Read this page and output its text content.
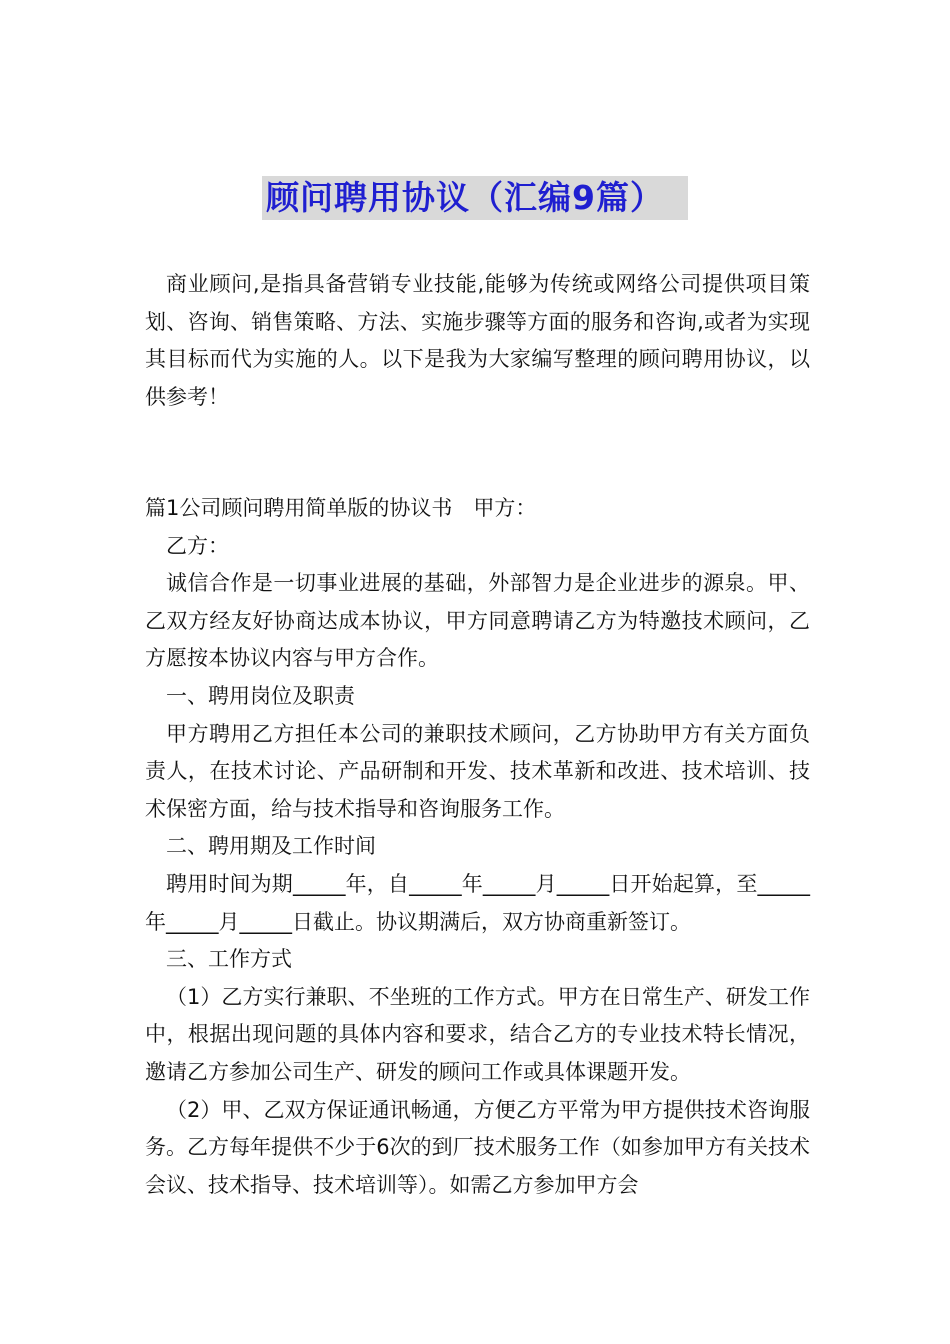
顾问聘用协议（汇编9篇）
商业顾问,是指具备营销专业技能,能够为传统或网络公司提供项目策划、咨询、销售策略、方法、实施步骤等方面的服务和咨询,或者为实现其目标而代为实施的人。以下是我为大家编写整理的顾问聘用协议，以供参考！

篇1公司顾问聘用简单版的协议书　甲方：

乙方：

诚信合作是一切事业进展的基础，外部智力是企业进步的源泉。甲、乙双方经友好协商达成本协议，甲方同意聘请乙方为特邀技术顾问，乙方愿按本协议内容与甲方合作。

一、聘用岗位及职责

甲方聘用乙方担任本公司的兼职技术顾问，乙方协助甲方有关方面负责人，在技术讨论、产品研制和开发、技术革新和改进、技术培训、技术保密方面，给与技术指导和咨询服务工作。

二、聘用期及工作时间

聘用时间为期_____年，自_____年_____月_____日开始起算，至_____年_____月_____日截止。协议期满后，双方协商重新签订。

三、工作方式

（1）乙方实行兼职、不坐班的工作方式。甲方在日常生产、研发工作中，根据出现问题的具体内容和要求，结合乙方的专业技术特长情况，邀请乙方参加公司生产、研发的顾问工作或具体课题开发。

（2）甲、乙双方保证通讯畅通，方便乙方平常为甲方提供技术咨询服务。乙方每年提供不少于6次的到厂技术服务工作（如参加甲方有关技术会议、技术指导、技术培训等）。如需乙方参加甲方会
